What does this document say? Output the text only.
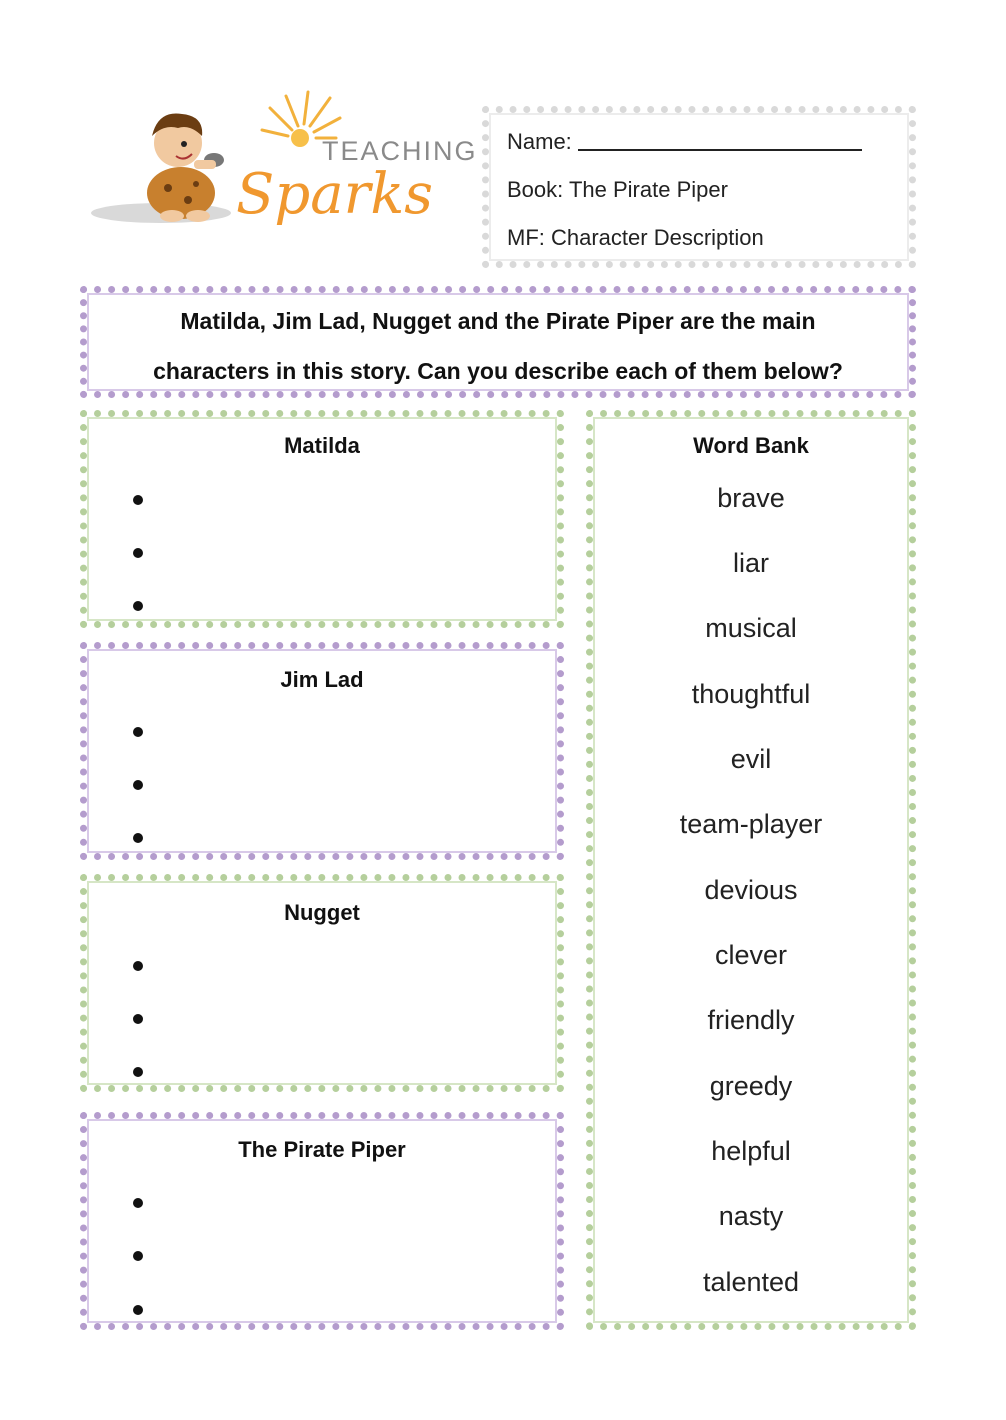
TEACHING
Sparks
Name:
Book: The Pirate Piper
MF: Character Description
Matilda, Jim Lad, Nugget and the Pirate Piper are the main
characters in this story. Can you describe each of them below?
Matilda
Jim Lad
Nugget
The Pirate Piper
Word Bank
brave
liar
musical
thoughtful
evil
team-player
devious
clever
friendly
greedy
helpful
nasty
talented
